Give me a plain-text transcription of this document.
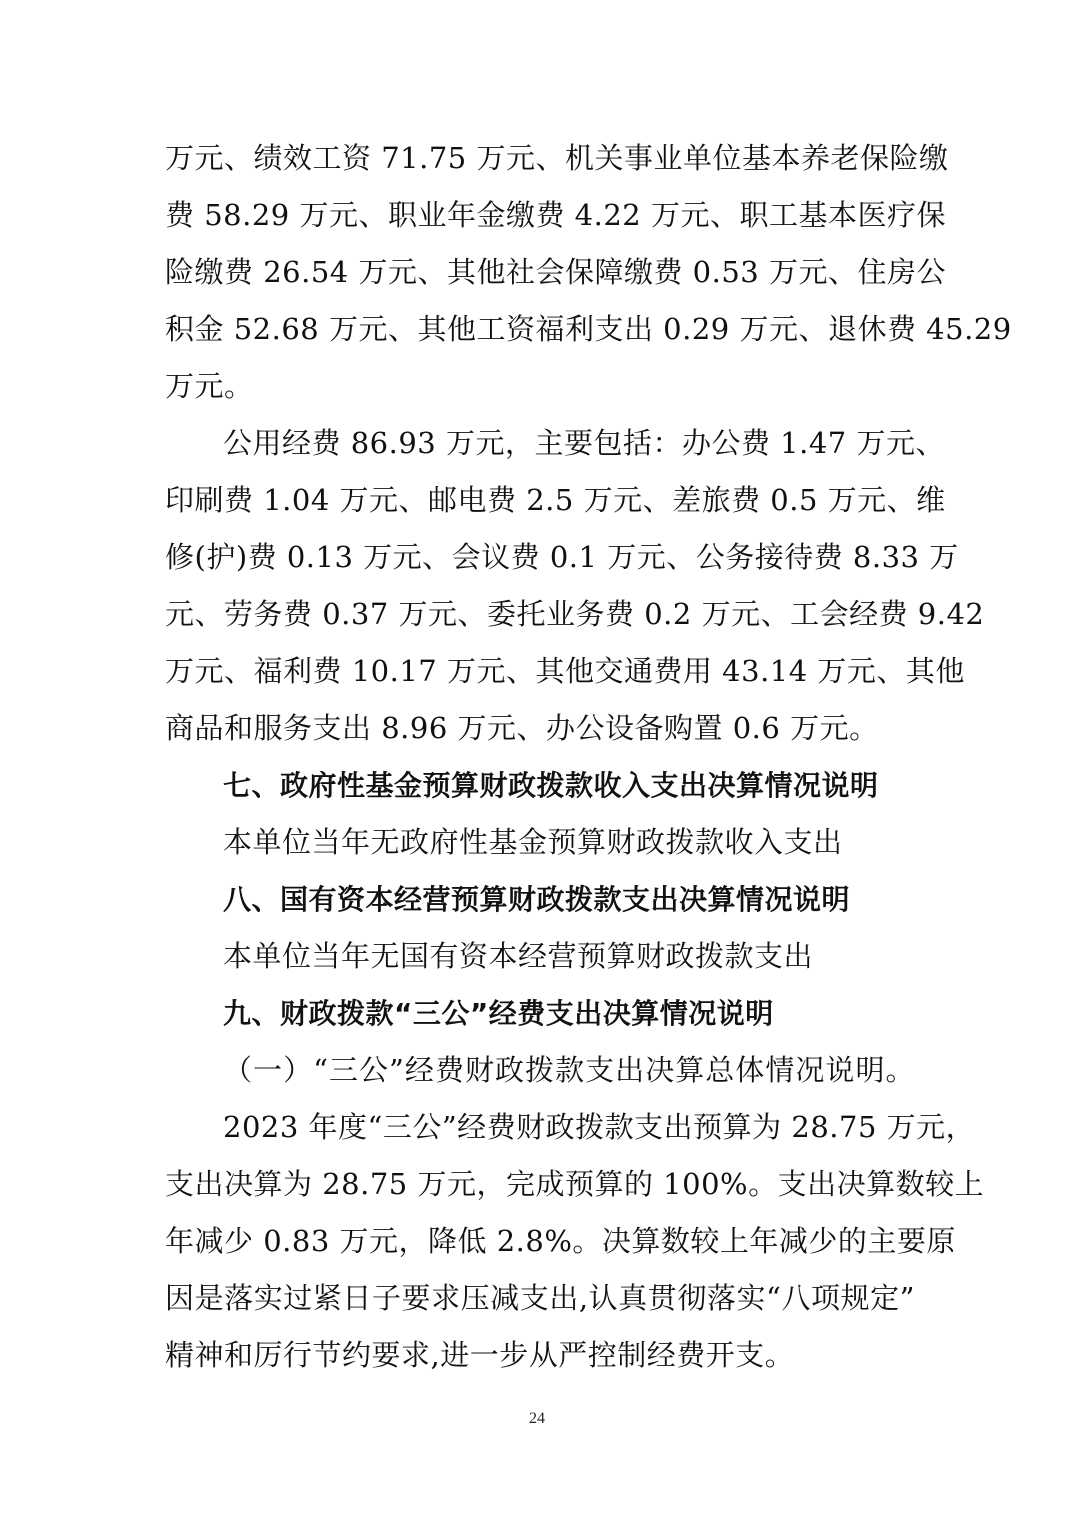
万元、绩效工资 71.75 万元、机关事业单位基本养老保险缴
费 58.29 万元、职业年金缴费 4.22 万元、职工基本医疗保
险缴费 26.54 万元、其他社会保障缴费 0.53 万元、住房公
积金 52.68 万元、其他工资福利支出 0.29 万元、退休费 45.29
万元。
公用经费 86.93 万元，主要包括：办公费 1.47 万元、
印刷费 1.04 万元、邮电费 2.5 万元、差旅费 0.5 万元、维
修(护)费 0.13 万元、会议费 0.1 万元、公务接待费 8.33 万
元、劳务费 0.37 万元、委托业务费 0.2 万元、工会经费 9.42
万元、福利费 10.17 万元、其他交通费用 43.14 万元、其他
商品和服务支出 8.96 万元、办公设备购置 0.6 万元。
七、政府性基金预算财政拨款收入支出决算情况说明
本单位当年无政府性基金预算财政拨款收入支出
八、国有资本经营预算财政拨款支出决算情况说明
本单位当年无国有资本经营预算财政拨款支出
九、财政拨款“三公”经费支出决算情况说明
（一）“三公”经费财政拨款支出决算总体情况说明。
2023 年度“三公”经费财政拨款支出预算为 28.75 万元，
支出决算为 28.75 万元，完成预算的 100%。支出决算数较上
年减少 0.83 万元，降低 2.8%。决算数较上年减少的主要原
因是落实过紧日子要求压减支出,认真贯彻落实“八项规定”
精神和厉行节约要求,进一步从严控制经费开支。
24
